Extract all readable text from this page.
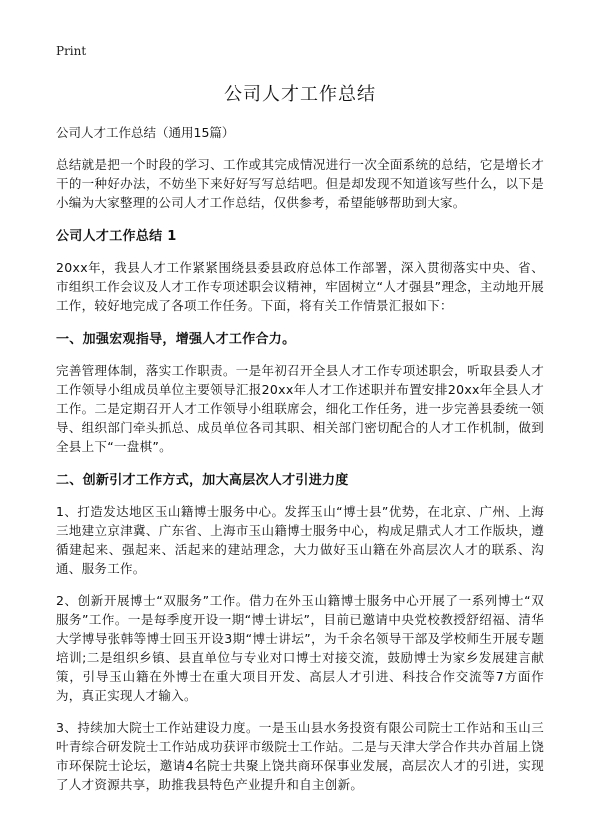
Print
公司人才工作总结
公司人才工作总结（通用15篇）

总结就是把一个时段的学习、工作或其完成情况进行一次全面系统的总结，它是增长才干的一种好办法，不妨坐下来好好写写总结吧。但是却发现不知道该写些什么，以下是小编为大家整理的公司人才工作总结，仅供参考，希望能够帮助到大家。

公司人才工作总结 1

20xx年，我县人才工作紧紧围绕县委县政府总体工作部署，深入贯彻落实中央、省、市组织工作会议及人才工作专项述职会议精神，牢固树立“人才强县”理念，主动地开展工作，较好地完成了各项工作任务。下面，将有关工作情景汇报如下：

一、加强宏观指导，增强人才工作合力。

完善管理体制，落实工作职责。一是年初召开全县人才工作专项述职会，听取县委人才工作领导小组成员单位主要领导汇报20xx年人才工作述职并布置安排20xx年全县人才工作。二是定期召开人才工作领导小组联席会，细化工作任务，进一步完善县委统一领导、组织部门牵头抓总、成员单位各司其职、相关部门密切配合的人才工作机制，做到全县上下“一盘棋”。

二、创新引才工作方式，加大高层次人才引进力度

1、打造发达地区玉山籍博士服务中心。发挥玉山“博士县”优势，在北京、广州、上海三地建立京津冀、广东省、上海市玉山籍博士服务中心，构成足鼎式人才工作版块，遵循建起来、强起来、活起来的建站理念，大力做好玉山籍在外高层次人才的联系、沟通、服务工作。

2、创新开展博士“双服务”工作。借力在外玉山籍博士服务中心开展了一系列博士“双服务”工作。一是每季度开设一期“博士讲坛”，目前已邀请中央党校教授舒绍福、清华大学博导张韩等博士回玉开设3期“博士讲坛”，为千余名领导干部及学校师生开展专题培训;二是组织乡镇、县直单位与专业对口博士对接交流，鼓励博士为家乡发展建言献策，引导玉山籍在外博士在重大项目开发、高层人才引进、科技合作交流等7方面作为，真正实现人才输入。

3、持续加大院士工作站建设力度。一是玉山县水务投资有限公司院士工作站和玉山三叶青综合研发院士工作站成功获评市级院士工作站。二是与天津大学合作共办首届上饶市环保院士论坛，邀请4名院士共聚上饶共商环保事业发展，高层次人才的引进，实现了人才资源共享，助推我县特色产业提升和自主创新。
